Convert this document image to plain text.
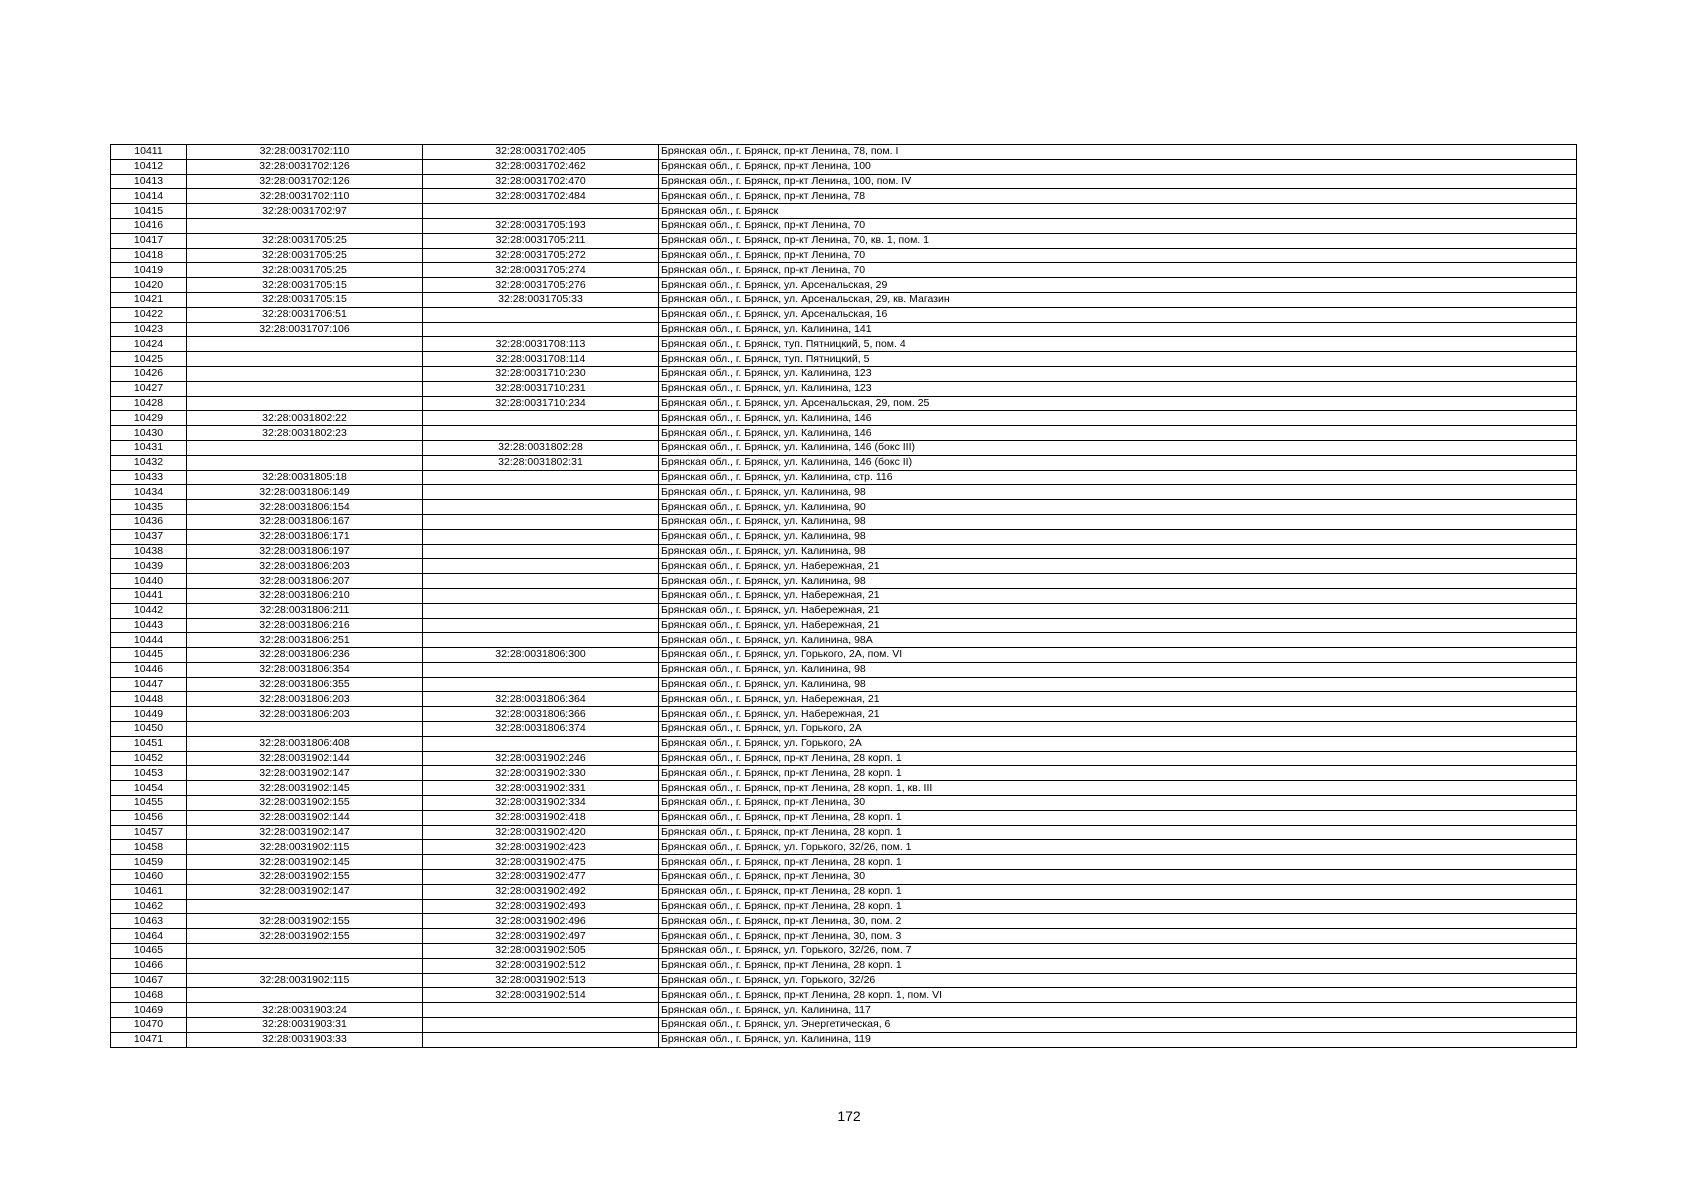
10411	32:28:0031702:110	32:28:0031702:405	Брянская обл., г. Брянск, пр-кт Ленина, 78, пом. I
10412	32:28:0031702:126	32:28:0031702:462	Брянская обл., г. Брянск, пр-кт Ленина, 100
10413	32:28:0031702:126	32:28:0031702:470	Брянская обл., г. Брянск, пр-кт Ленина, 100, пом. IV
10414	32:28:0031702:110	32:28:0031702:484	Брянская обл., г. Брянск, пр-кт Ленина, 78
10415	32:28:0031702:97		Брянская обл., г. Брянск
10416		32:28:0031705:193	Брянская обл., г. Брянск, пр-кт Ленина, 70
10417	32:28:0031705:25	32:28:0031705:211	Брянская обл., г. Брянск, пр-кт Ленина, 70, кв. 1, пом. 1
10418	32:28:0031705:25	32:28:0031705:272	Брянская обл., г. Брянск, пр-кт Ленина, 70
10419	32:28:0031705:25	32:28:0031705:274	Брянская обл., г. Брянск, пр-кт Ленина, 70
10420	32:28:0031705:15	32:28:0031705:276	Брянская обл., г. Брянск, ул. Арсенальская, 29
10421	32:28:0031705:15	32:28:0031705:33	Брянская обл., г. Брянск, ул. Арсенальская, 29, кв. Магазин
10422	32:28:0031706:51		Брянская обл., г. Брянск, ул. Арсенальская, 16
10423	32:28:0031707:106		Брянская обл., г. Брянск, ул. Калинина, 141
10424		32:28:0031708:113	Брянская обл., г. Брянск, туп. Пятницкий, 5, пом. 4
10425		32:28:0031708:114	Брянская обл., г. Брянск, туп. Пятницкий, 5
10426		32:28:0031710:230	Брянская обл., г. Брянск, ул. Калинина, 123
10427		32:28:0031710:231	Брянская обл., г. Брянск, ул. Калинина, 123
10428		32:28:0031710:234	Брянская обл., г. Брянск, ул. Арсенальская, 29, пом. 25
10429	32:28:0031802:22		Брянская обл., г. Брянск, ул. Калинина, 146
10430	32:28:0031802:23		Брянская обл., г. Брянск, ул. Калинина, 146
10431		32:28:0031802:28	Брянская обл., г. Брянск, ул. Калинина, 146 (бокс III)
10432		32:28:0031802:31	Брянская обл., г. Брянск, ул. Калинина, 146 (бокс II)
10433	32:28:0031805:18		Брянская обл., г. Брянск, ул. Калинина, стр. 116
10434	32:28:0031806:149		Брянская обл., г. Брянск, ул. Калинина, 98
10435	32:28:0031806:154		Брянская обл., г. Брянск, ул. Калинина, 90
10436	32:28:0031806:167		Брянская обл., г. Брянск, ул. Калинина, 98
10437	32:28:0031806:171		Брянская обл., г. Брянск, ул. Калинина, 98
10438	32:28:0031806:197		Брянская обл., г. Брянск, ул. Калинина, 98
10439	32:28:0031806:203		Брянская обл., г. Брянск, ул. Набережная, 21
10440	32:28:0031806:207		Брянская обл., г. Брянск, ул. Калинина, 98
10441	32:28:0031806:210		Брянская обл., г. Брянск, ул. Набережная, 21
10442	32:28:0031806:211		Брянская обл., г. Брянск, ул. Набережная, 21
10443	32:28:0031806:216		Брянская обл., г. Брянск, ул. Набережная, 21
10444	32:28:0031806:251		Брянская обл., г. Брянск, ул. Калинина, 98А
10445	32:28:0031806:236	32:28:0031806:300	Брянская обл., г. Брянск, ул. Горького, 2А, пом. VI
10446	32:28:0031806:354		Брянская обл., г. Брянск, ул. Калинина, 98
10447	32:28:0031806:355		Брянская обл., г. Брянск, ул. Калинина, 98
10448	32:28:0031806:203	32:28:0031806:364	Брянская обл., г. Брянск, ул. Набережная, 21
10449	32:28:0031806:203	32:28:0031806:366	Брянская обл., г. Брянск, ул. Набережная, 21
10450		32:28:0031806:374	Брянская обл., г. Брянск, ул. Горького, 2А
10451	32:28:0031806:408		Брянская обл., г. Брянск, ул. Горького, 2А
10452	32:28:0031902:144	32:28:0031902:246	Брянская обл., г. Брянск, пр-кт Ленина, 28 корп. 1
10453	32:28:0031902:147	32:28:0031902:330	Брянская обл., г. Брянск, пр-кт Ленина, 28 корп. 1
10454	32:28:0031902:145	32:28:0031902:331	Брянская обл., г. Брянск, пр-кт Ленина, 28 корп. 1, кв. III
10455	32:28:0031902:155	32:28:0031902:334	Брянская обл., г. Брянск, пр-кт Ленина, 30
10456	32:28:0031902:144	32:28:0031902:418	Брянская обл., г. Брянск, пр-кт Ленина, 28 корп. 1
10457	32:28:0031902:147	32:28:0031902:420	Брянская обл., г. Брянск, пр-кт Ленина, 28 корп. 1
10458	32:28:0031902:115	32:28:0031902:423	Брянская обл., г. Брянск, ул. Горького, 32/26, пом. 1
10459	32:28:0031902:145	32:28:0031902:475	Брянская обл., г. Брянск, пр-кт Ленина, 28 корп. 1
10460	32:28:0031902:155	32:28:0031902:477	Брянская обл., г. Брянск, пр-кт Ленина, 30
10461	32:28:0031902:147	32:28:0031902:492	Брянская обл., г. Брянск, пр-кт Ленина, 28 корп. 1
10462		32:28:0031902:493	Брянская обл., г. Брянск, пр-кт Ленина, 28 корп. 1
10463	32:28:0031902:155	32:28:0031902:496	Брянская обл., г. Брянск, пр-кт Ленина, 30, пом. 2
10464	32:28:0031902:155	32:28:0031902:497	Брянская обл., г. Брянск, пр-кт Ленина, 30, пом. 3
10465		32:28:0031902:505	Брянская обл., г. Брянск, ул. Горького, 32/26, пом. 7
10466		32:28:0031902:512	Брянская обл., г. Брянск, пр-кт Ленина, 28 корп. 1
10467	32:28:0031902:115	32:28:0031902:513	Брянская обл., г. Брянск, ул. Горького, 32/26
10468		32:28:0031902:514	Брянская обл., г. Брянск, пр-кт Ленина, 28 корп. 1, пом. VI
10469	32:28:0031903:24		Брянская обл., г. Брянск, ул. Калинина, 117
10470	32:28:0031903:31		Брянская обл., г. Брянск, ул. Энергетическая, 6
10471	32:28:0031903:33		Брянская обл., г. Брянск, ул. Калинина, 119
172
